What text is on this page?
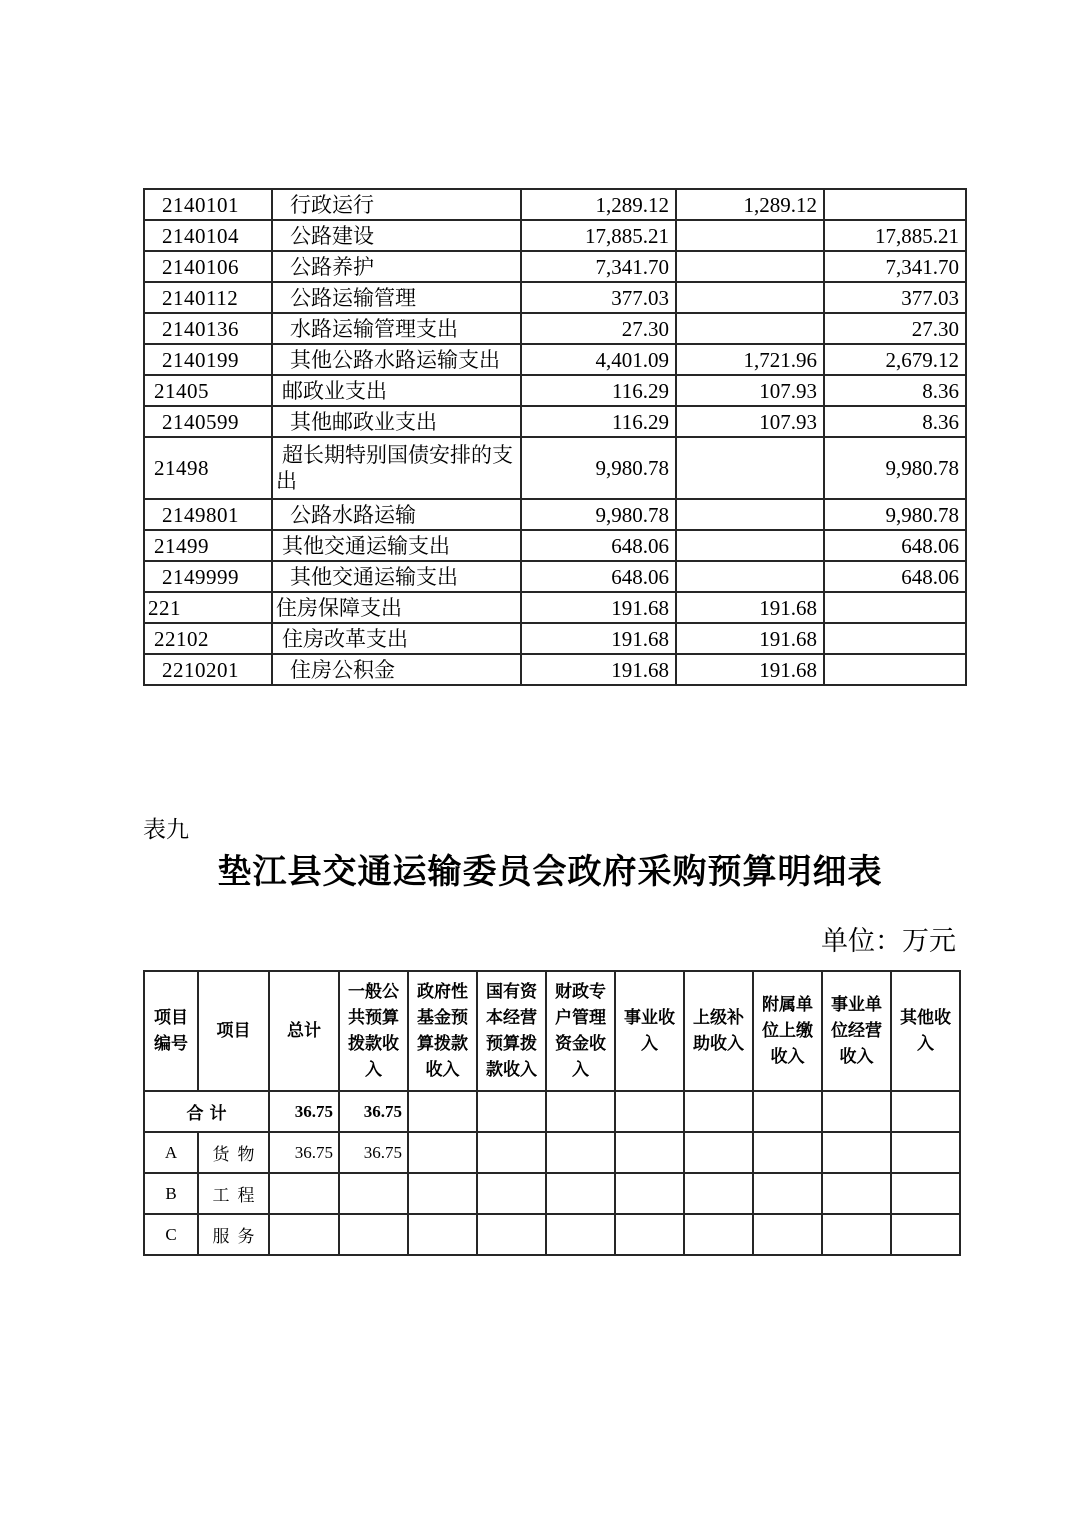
2140101	行政运行	1,289.12	1,289.12	
2140104	公路建设	17,885.21		17,885.21
2140106	公路养护	7,341.70		7,341.70
2140112	公路运输管理	377.03		377.03
2140136	水路运输管理支出	27.30		27.30
2140199	其他公路水路运输支出	4,401.09	1,721.96	2,679.12
21405	邮政业支出	116.29	107.93	8.36
2140599	其他邮政业支出	116.29	107.93	8.36
21498	超长期特别国债安排的支出	9,980.78		9,980.78
2149801	公路水路运输	9,980.78		9,980.78
21499	其他交通运输支出	648.06		648.06
2149999	其他交通运输支出	648.06		648.06
221	住房保障支出	191.68	191.68	
22102	住房改革支出	191.68	191.68	
2210201	住房公积金	191.68	191.68	
表九
垫江县交通运输委员会政府采购预算明细表
单位：万元
项目编号	项目	总计	一般公共预算拨款收入	政府性基金预算拨款收入	国有资本经营预算拨款收入	财政专户管理资金收入	事业收入	上级补助收入	附属单位上缴收入	事业单位经营收入	其他收入
合计		36.75	36.75								
A	货物	36.75	36.75								
B	工程										
C	服务										
